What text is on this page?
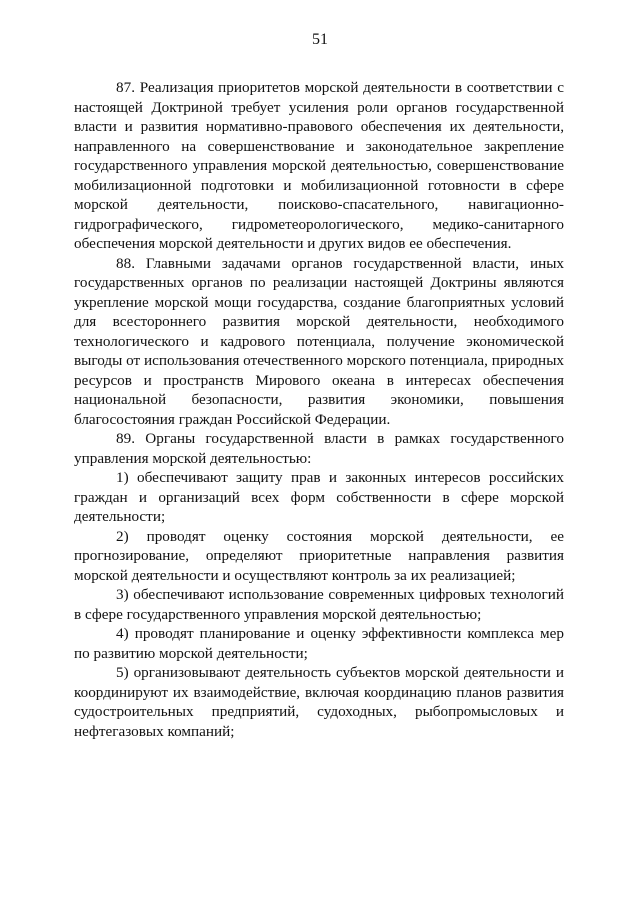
51

87. Реализация приоритетов морской деятельности в соответствии с настоящей Доктриной требует усиления роли органов государственной власти и развития нормативно-правового обеспечения их деятельности, направленного на совершенствование и законодательное закрепление государственного управления морской деятельностью, совершенствование мобилизационной подготовки и мобилизационной готовности в сфере морской деятельности, поисково-спасательного, навигационно-гидрографического, гидрометеорологического, медико-санитарного обеспечения морской деятельности и других видов ее обеспечения.

88. Главными задачами органов государственной власти, иных государственных органов по реализации настоящей Доктрины являются укрепление морской мощи государства, создание благоприятных условий для всестороннего развития морской деятельности, необходимого технологического и кадрового потенциала, получение экономической выгоды от использования отечественного морского потенциала, природных ресурсов и пространств Мирового океана в интересах обеспечения национальной безопасности, развития экономики, повышения благосостояния граждан Российской Федерации.

89. Органы государственной власти в рамках государственного управления морской деятельностью:

1) обеспечивают защиту прав и законных интересов российских граждан и организаций всех форм собственности в сфере морской деятельности;

2) проводят оценку состояния морской деятельности, ее прогнозирование, определяют приоритетные направления развития морской деятельности и осуществляют контроль за их реализацией;

3) обеспечивают использование современных цифровых технологий в сфере государственного управления морской деятельностью;

4) проводят планирование и оценку эффективности комплекса мер по развитию морской деятельности;

5) организовывают деятельность субъектов морской деятельности и координируют их взаимодействие, включая координацию планов развития судостроительных предприятий, судоходных, рыбопромысловых и нефтегазовых компаний;
